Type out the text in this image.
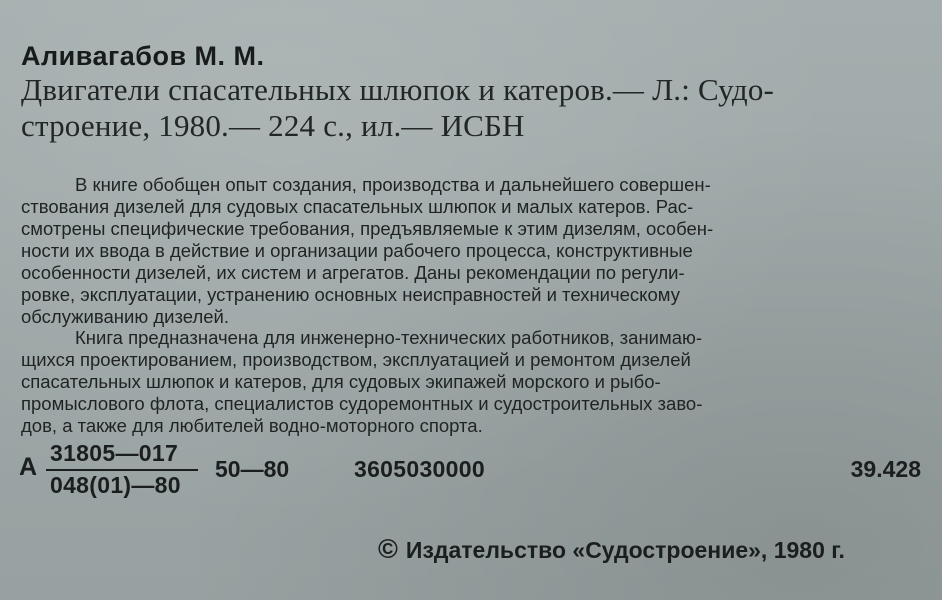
Аливагабов М. М.
Двигатели спасательных шлюпок и катеров.— Л.: Судо-
строение, 1980.— 224 с., ил.— ИСБН
В книге обобщен опыт создания, производства и дальнейшего совершен-
ствования дизелей для судовых спасательных шлюпок и малых катеров. Рас-
смотрены специфические требования, предъявляемые к этим дизелям, особен-
ности их ввода в действие и организации рабочего процесса, конструктивные
особенности дизелей, их систем и агрегатов. Даны рекомендации по регули-
ровке, эксплуатации, устранению основных неисправностей и техническому
обслуживанию дизелей.
Книга предназначена для инженерно-технических работников, занимаю-
щихся проектированием, производством, эксплуатацией и ремонтом дизелей
спасательных шлюпок и катеров, для судовых экипажей морского и рыбо-
промыслового флота, специалистов судоремонтных и судостроительных заво-
дов, а также для любителей водно-моторного спорта.
А 31805—017
048(01)—80
50—80	3605030000	39.428
© Издательство «Судостроение», 1980 г.
